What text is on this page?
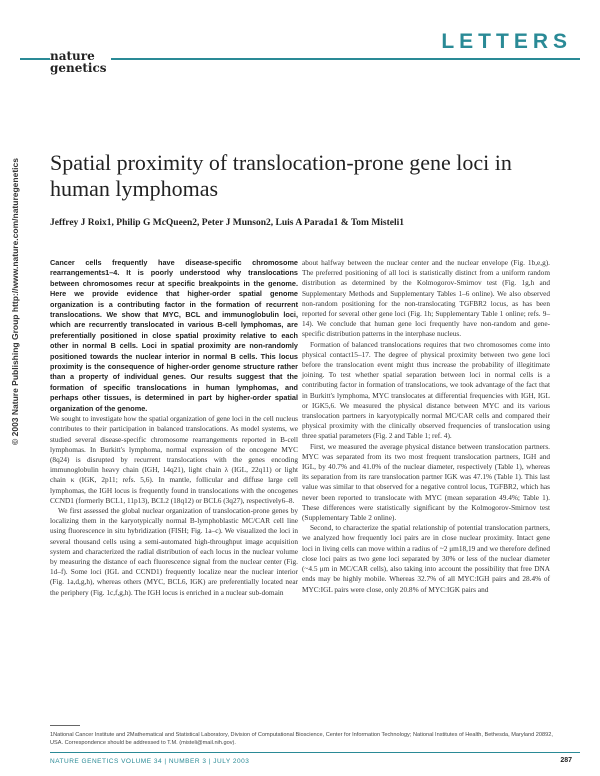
LETTERS
nature
genetics
© 2003 Nature Publishing Group http://www.nature.com/naturegenetics Spatial proximity of translocation-prone gene loci in human lymphomas
Jeffrey J Roix1, Philip G McQueen2, Peter J Munson2, Luis A Parada1 & Tom Misteli1

Cancer cells frequently have disease-specific chromosome rearrangements1–4. It is poorly understood why translocations between chromosomes recur at specific breakpoints in the genome. Here we provide evidence that higher-order spatial genome organization is a contributing factor in the formation of recurrent translocations. We show that MYC, BCL and immunoglobulin loci, which are recurrently translocated in various B-cell lymphomas, are preferentially positioned in close spatial proximity relative to each other in normal B cells. Loci in spatial proximity are non-randomly positioned towards the nuclear interior in normal B cells. This locus proximity is the consequence of higher-order genome structure rather than a property of individual genes. Our results suggest that the formation of specific translocations in human lymphomas, and perhaps other tissues, is determined in part by higher-order spatial organization of the genome.

We sought to investigate how the spatial organization of gene loci in the cell nucleus contributes to their participation in balanced translocations. As model systems, we studied several disease-specific chromosome rearrangements reported in B-cell lymphomas. In Burkitt's lymphoma, normal expression of the oncogene MYC (8q24) is disrupted by recurrent translocations with the genes encoding immunoglobulin heavy chain (IGH, 14q21), light chain λ (IGL, 22q11) or light chain κ (IGK, 2p11; refs. 5,6). In mantle, follicular and diffuse large cell lymphomas, the IGH locus is frequently found in translocations with the oncogenes CCND1 (formerly BCL1, 11p13), BCL2 (18q12) or BCL6 (3q27), respectively6–8.

We first assessed the global nuclear organization of translocation-prone genes by localizing them in the karyotypically normal B-lymphoblastic MC/CAR cell line using fluorescence in situ hybridization (FISH; Fig. 1a–c). We visualized the loci in several thousand cells using a semi-automated high-throughput image acquisition system and characterized the radial distribution of each locus in the nuclear volume by measuring the distance of each fluorescence signal from the nuclear center (Fig. 1d–f). Some loci (IGL and CCND1) frequently localize near the nuclear interior (Fig. 1a,d,g,h), whereas others (MYC, BCL6, IGK) are preferentially located near the periphery (Fig. 1c,f,g,h). The IGH locus is enriched in a nuclear sub-domain

about halfway between the nuclear center and the nuclear envelope (Fig. 1b,e,g). The preferred positioning of all loci is statistically distinct from a uniform random distribution as determined by the Kolmogorov-Smirnov test (Fig. 1g,h and Supplementary Methods and Supplementary Tables 1–6 online). We also observed non-random positioning for the non-translocating TGFBR2 locus, as has been reported for several other gene loci (Fig. 1h; Supplementary Table 1 online; refs. 9–14). We conclude that human gene loci frequently have non-random and gene-specific distribution patterns in the interphase nucleus.

Formation of balanced translocations requires that two chromosomes come into physical contact15–17. The degree of physical proximity between two gene loci before the translocation event might thus increase the probability of illegitimate joining. To test whether spatial separation between loci in normal cells is a contributing factor in formation of translocations, we took advantage of the fact that in Burkitt's lymphoma, MYC translocates at differential frequencies with IGH, IGL or IGK5,6. We measured the physical distance between MYC and its various translocation partners in karyotypically normal MC/CAR cells and compared their physical proximity with the clinically observed frequencies of translocation using three spatial parameters (Fig. 2 and Table 1; ref. 4).

First, we measured the average physical distance between translocation partners. MYC was separated from its two most frequent translocation partners, IGH and IGL, by 40.7% and 41.0% of the nuclear diameter, respectively (Table 1), whereas its separation from its rare translocation partner IGK was 47.1% (Table 1). This last value was similar to that observed for a negative control locus, TGFBR2, which has never been reported to translocate with MYC (mean separation 49.4%; Table 1). These differences were statistically significant by the Kolmogorov-Smirnov test (Supplementary Table 2 online).

Second, to characterize the spatial relationship of potential translocation partners, we analyzed how frequently loci pairs are in close nuclear proximity. Intact gene loci in living cells can move within a radius of ~2 μm18,19 and we therefore defined close loci pairs as two gene loci separated by 30% or less of the nuclear diameter (~4.5 μm in MC/CAR cells), also taking into account the possibility that free DNA ends may be highly mobile. Whereas 32.7% of all MYC:IGH pairs and 28.4% of MYC:IGL pairs were close, only 20.8% of MYC:IGK pairs and

1National Cancer Institute and 2Mathematical and Statistical Laboratory, Division of Computational Bioscience, Center for Information Technology; National Institutes of Health, Bethesda, Maryland 20892, USA. Correspondence should be addressed to T.M. (misteli@mail.nih.gov).
NATURE GENETICS VOLUME 34 | NUMBER 3 | JULY 2003	287
